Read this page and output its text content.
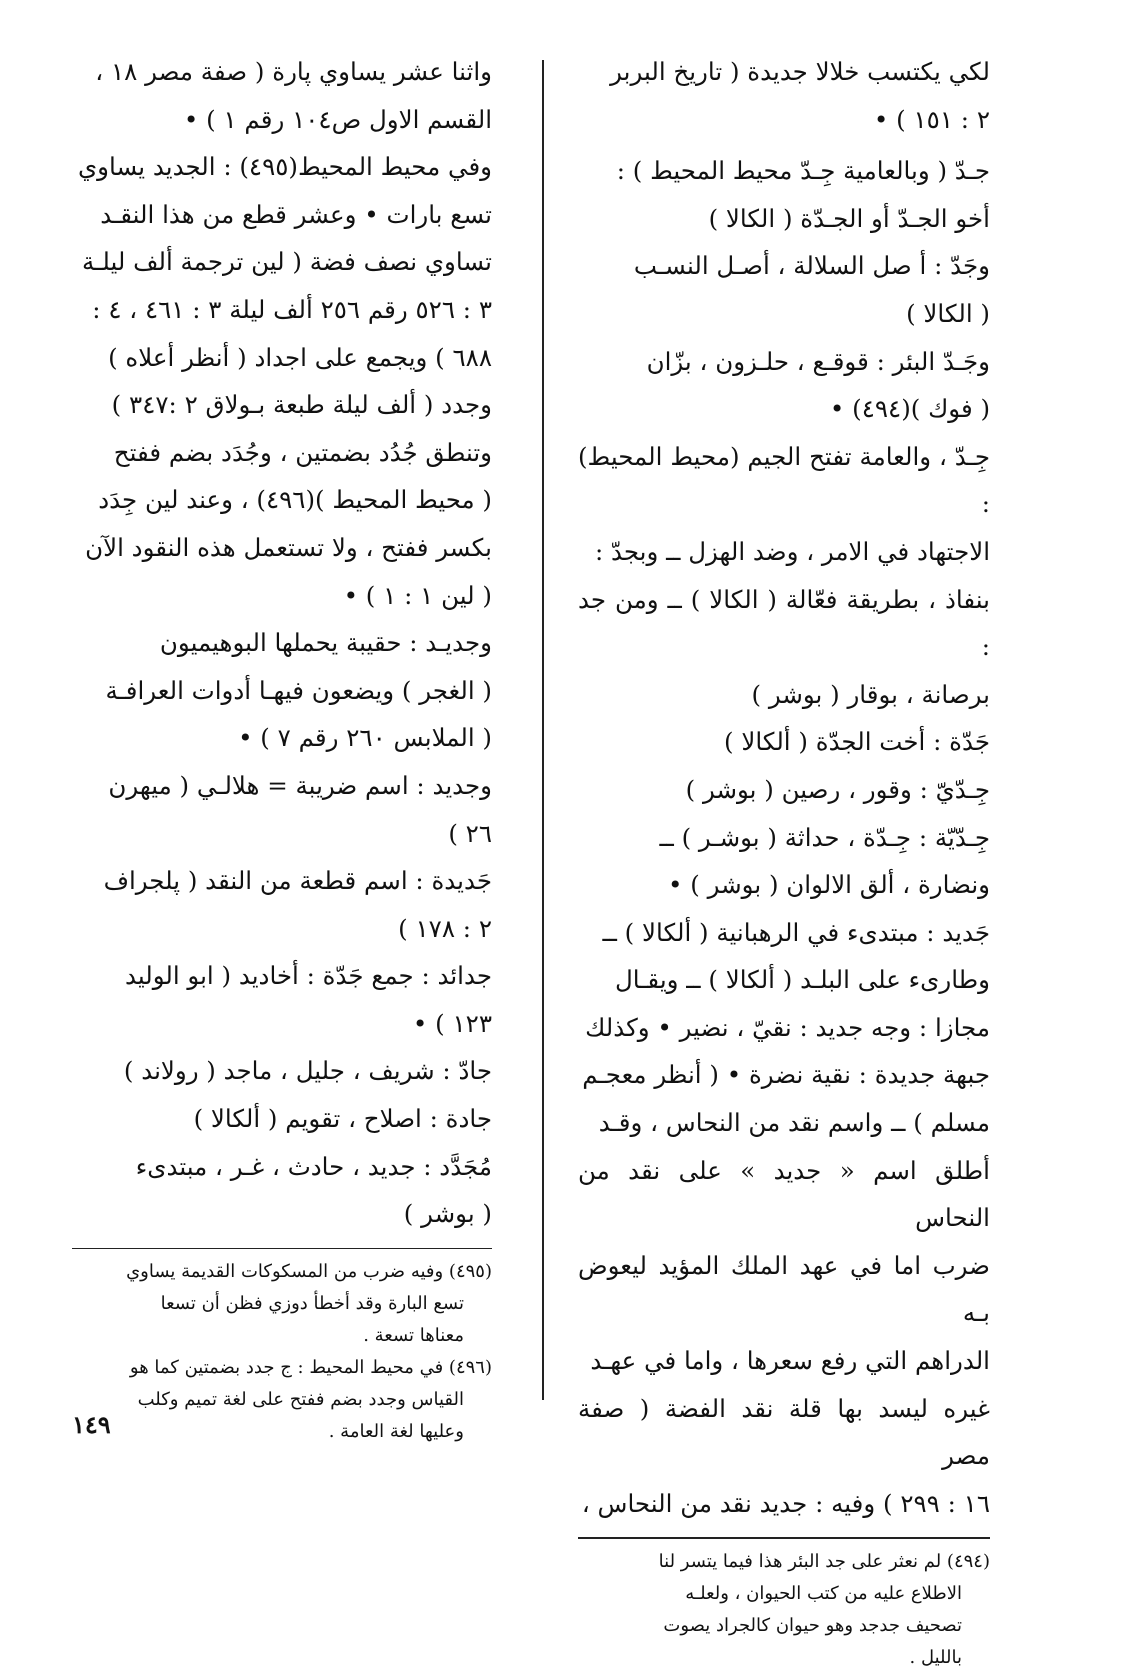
لكي يكتسب خلالا جديدة ( تاريخ البربر

٢ : ١٥١ ) •

جـدّ ( وبالعامية جِـدّ محيط المحيط ) :

أخو الجـدّ أو الجـدّة ( الكالا )

وجَدّ : أ صل السلالة ، أصـل النسـب

( الكالا )

وجَـدّ البئر : قوقـع ، حلـزون ، بزّان

( فوك )(٤٩٤) •

جِـدّ ، والعامة تفتح الجيم (محيط المحيط) :

الاجتهاد في الامر ، وضد الهزل ــ وبجدّ :

بنفاذ ، بطريقة فعّالة ( الكالا ) ــ ومن جد :

برصانة ، بوقار ( بوشر )

جَدّة : أخت الجدّة ( ألكالا )

جِـدّيّ : وقور ، رصين ( بوشر )

جِـدّيّة : جِـدّة ، حداثة ( بوشـر ) ــ

ونضارة ، ألق الالوان ( بوشر ) •

جَديد : مبتدىء في الرهبانية ( ألكالا ) ــ

وطارىء على البلـد ( ألكالا ) ــ ويقـال

مجازا : وجه جديد : نقيّ ، نضير • وكذلك

جبهة جديدة : نقية نضرة • ( أنظر معجـم

مسلم ) ــ واسم نقد من النحاس ، وقـد

أطلق اسم « جديد » على نقد من النحاس

ضرب اما في عهد الملك المؤيد ليعوض بـه

الدراهم التي رفع سعرها ، واما في عهـد

غيره ليسد بها قلة نقد الفضة ( صفة مصر

١٦ : ٢٩٩ ) وفيه : جديد نقد من النحاس ،

(٤٩٤) لم نعثر على جد البئر هذا فيما يتسر لنا

الاطلاع عليه من كتب الحيوان ، ولعلـه

تصحيف جدجد وهو حيوان كالجراد يصوت

بالليل .

واثنا عشر يساوي پارة ( صفة مصر ١٨ ،

القسم الاول ص١٠٤ رقم ١ ) •

وفي محيط المحيط(٤٩٥) : الجديد يساوي

تسع بارات • وعشر قطع من هذا النقـد

تساوي نصف فضة ( لين ترجمة ألف ليلـة

٣ : ٥٢٦ رقم ٢٥٦ ألف ليلة ٣ : ٤٦١ ، ٤ :

٦٨٨ ) ويجمع على اجداد ( أنظر أعلاه )

وجدد ( ألف ليلة طبعة بـولاق ٢ :٣٤٧ )

وتنطق جُدُد بضمتين ، وجُدَد بضم ففتح

( محيط المحيط )(٤٩٦) ، وعند لين جِدَد

بكسر ففتح ، ولا تستعمل هذه النقود الآن

( لين ١ : ١ ) •

وجديـد : حقيبة يحملها البوهيميون

( الغجر ) ويضعون فيهـا أدوات العرافـة

( الملابس ٢٦٠ رقم ٧ ) •

وجديد : اسم ضريبة = هلالـي ( ميهرن

٢٦ )

جَديدة : اسم قطعة من النقد ( پلجراف

٢ : ١٧٨ )

جدائد : جمع جَدّة : أخاديد ( ابو الوليد

١٢٣ ) •

جادّ : شريف ، جليل ، ماجد ( رولاند )

جادة : اصلاح ، تقويم ( ألكالا )

مُجَدَّد : جديد ، حادث ، غـر ، مبتدىء

( بوشر )

(٤٩٥) وفيه ضرب من المسكوكات القديمة يساوي

تسع البارة وقد أخطأ دوزي فظن أن تسعا

معناها تسعة .

(٤٩٦) في محيط المحيط : ج جدد بضمتين كما هو

القياس وجدد بضم ففتح على لغة تميم وكلب

وعليها لغة العامة .

١٤٩
